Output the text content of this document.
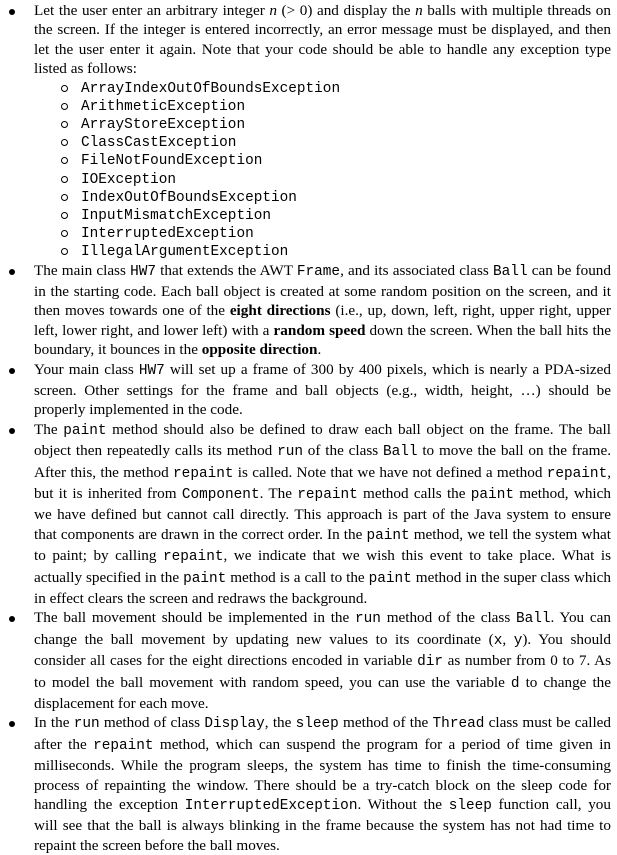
Let the user enter an arbitrary integer n (> 0) and display the n balls with multiple threads on the screen. If the integer is entered incorrectly, an error message must be displayed, and then let the user enter it again. Note that your code should be able to handle any exception type listed as follows:
ArrayIndexOutOfBoundsException
ArithmeticException
ArrayStoreException
ClassCastException
FileNotFoundException
IOException
IndexOutOfBoundsException
InputMismatchException
InterruptedException
IllegalArgumentException
The main class HW7 that extends the AWT Frame, and its associated class Ball can be found in the starting code. Each ball object is created at some random position on the screen, and it then moves towards one of the eight directions (i.e., up, down, left, right, upper right, upper left, lower right, and lower left) with a random speed down the screen. When the ball hits the boundary, it bounces in the opposite direction.
Your main class HW7 will set up a frame of 300 by 400 pixels, which is nearly a PDA-sized screen. Other settings for the frame and ball objects (e.g., width, height, …) should be properly implemented in the code.
The paint method should also be defined to draw each ball object on the frame. The ball object then repeatedly calls its method run of the class Ball to move the ball on the frame. After this, the method repaint is called. Note that we have not defined a method repaint, but it is inherited from Component. The repaint method calls the paint method, which we have defined but cannot call directly. This approach is part of the Java system to ensure that components are drawn in the correct order. In the paint method, we tell the system what to paint; by calling repaint, we indicate that we wish this event to take place. What is actually specified in the paint method is a call to the paint method in the super class which in effect clears the screen and redraws the background.
The ball movement should be implemented in the run method of the class Ball. You can change the ball movement by updating new values to its coordinate (x, y). You should consider all cases for the eight directions encoded in variable dir as number from 0 to 7. As to model the ball movement with random speed, you can use the variable d to change the displacement for each move.
In the run method of class Display, the sleep method of the Thread class must be called after the repaint method, which can suspend the program for a period of time given in milliseconds. While the program sleeps, the system has time to finish the time-consuming process of repainting the window. There should be a try-catch block on the sleep code for handling the exception InterruptedException. Without the sleep function call, you will see that the ball is always blinking in the frame because the system has not had time to repaint the screen before the ball moves.
